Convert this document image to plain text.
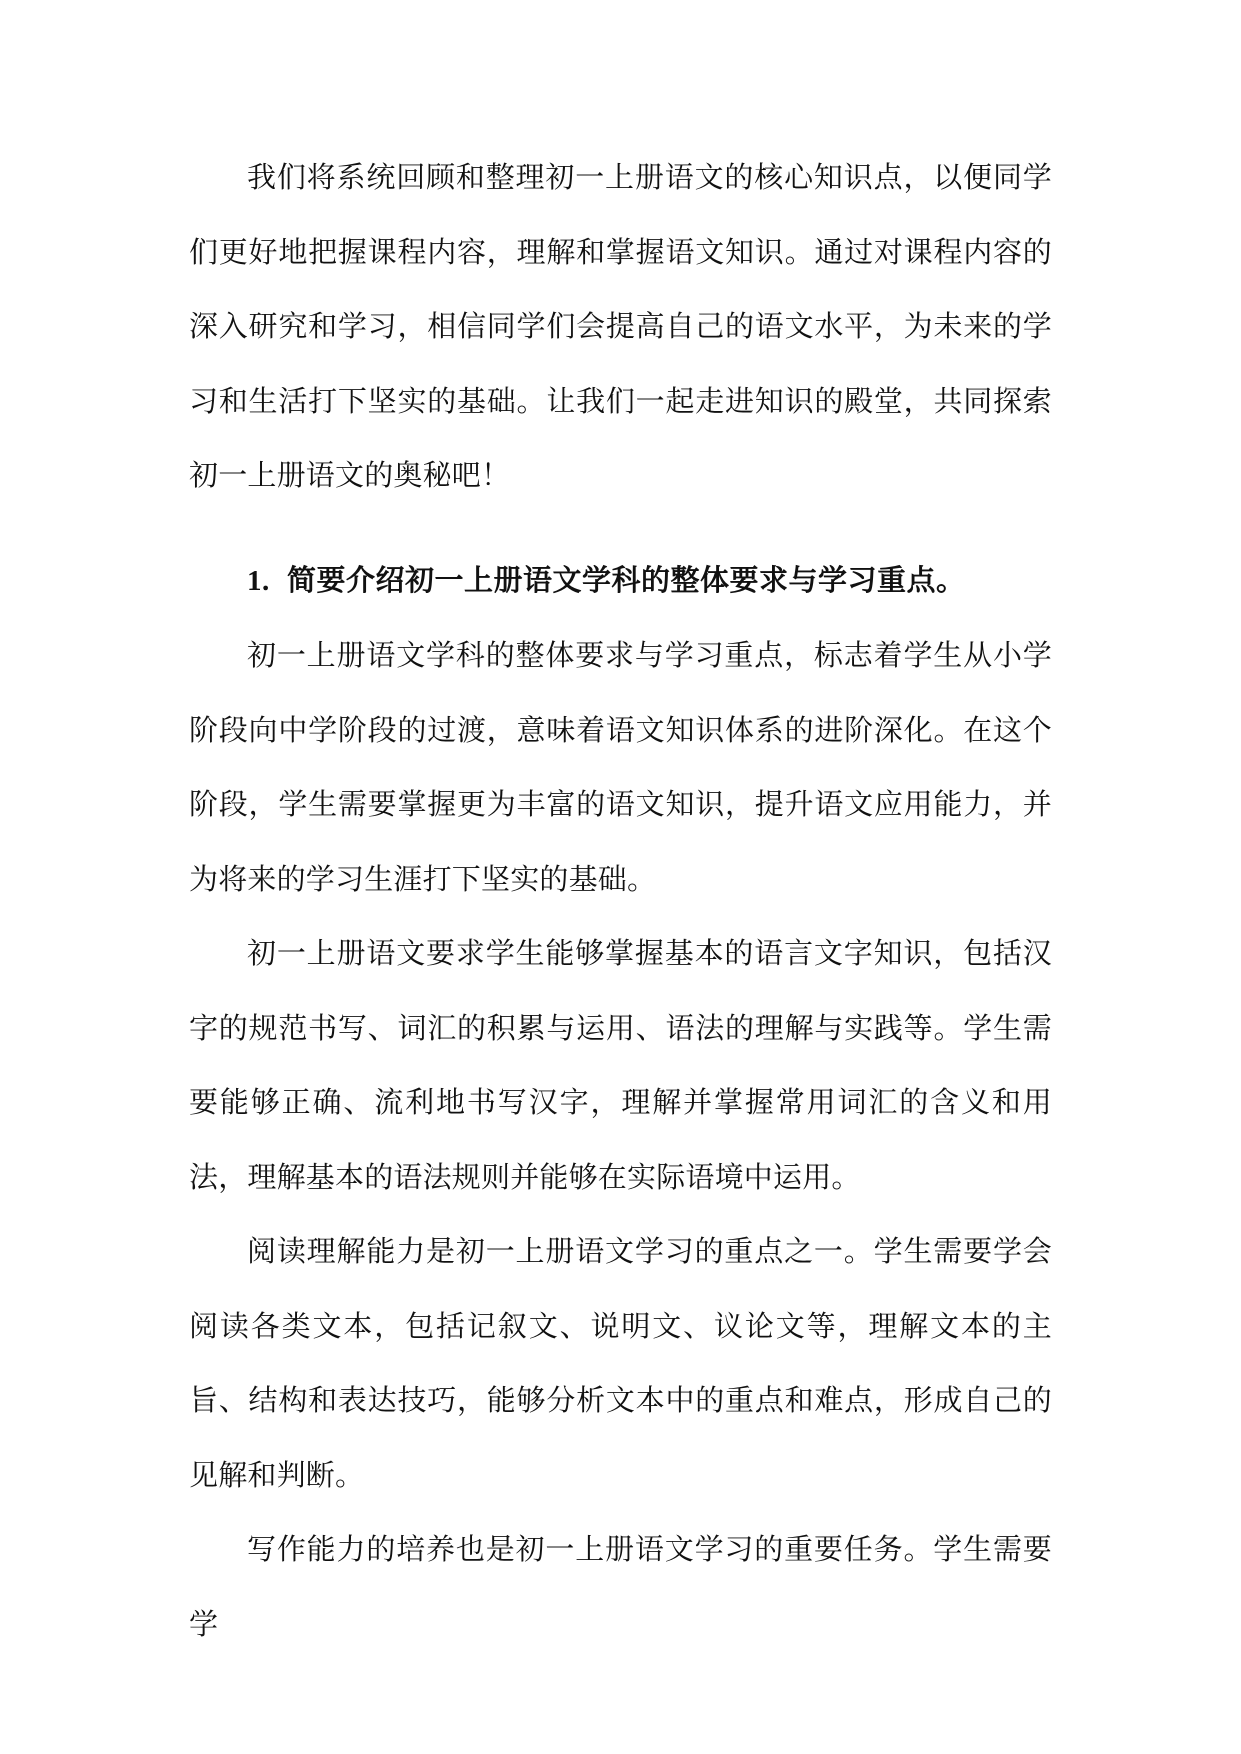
我们将系统回顾和整理初一上册语文的核心知识点，以便同学们更好地把握课程内容，理解和掌握语文知识。通过对课程内容的深入研究和学习，相信同学们会提高自己的语文水平，为未来的学习和生活打下坚实的基础。让我们一起走进知识的殿堂，共同探索初一上册语文的奥秘吧！

1. 简要介绍初一上册语文学科的整体要求与学习重点。

初一上册语文学科的整体要求与学习重点，标志着学生从小学阶段向中学阶段的过渡，意味着语文知识体系的进阶深化。在这个阶段，学生需要掌握更为丰富的语文知识，提升语文应用能力，并为将来的学习生涯打下坚实的基础。

初一上册语文要求学生能够掌握基本的语言文字知识，包括汉字的规范书写、词汇的积累与运用、语法的理解与实践等。学生需要能够正确、流利地书写汉字，理解并掌握常用词汇的含义和用法，理解基本的语法规则并能够在实际语境中运用。

阅读理解能力是初一上册语文学习的重点之一。学生需要学会阅读各类文本，包括记叙文、说明文、议论文等，理解文本的主旨、结构和表达技巧，能够分析文本中的重点和难点，形成自己的见解和判断。

写作能力的培养也是初一上册语文学习的重要任务。学生需要学
